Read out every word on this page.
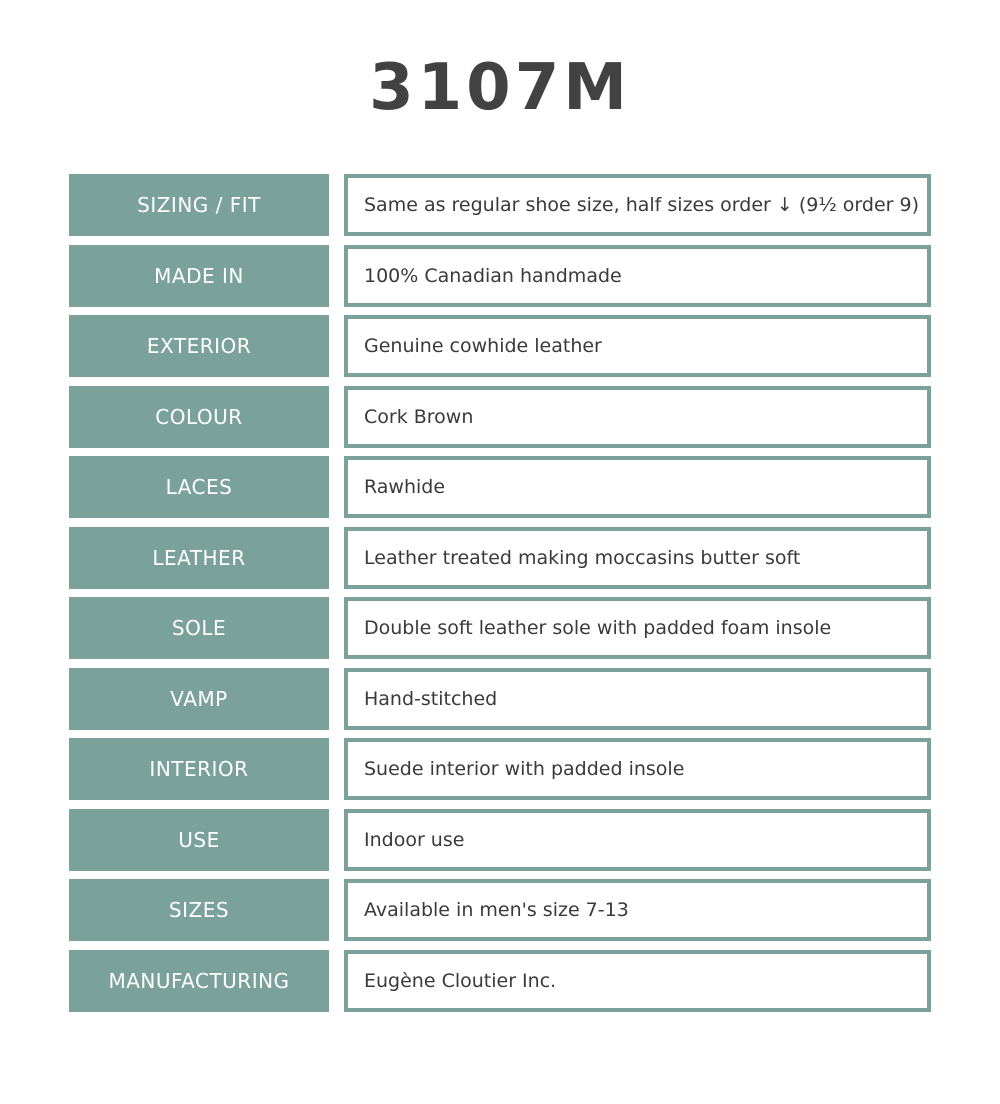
3107M
SIZING / FIT	Same as regular shoe size, half sizes order ↓ (9½ order 9)
MADE IN	100% Canadian handmade
EXTERIOR	Genuine cowhide leather
COLOUR	Cork Brown
LACES	Rawhide
LEATHER	Leather treated making moccasins butter soft
SOLE	Double soft leather sole with padded foam insole
VAMP	Hand-stitched
INTERIOR	Suede interior with padded insole
USE	Indoor use
SIZES	Available in men's size 7-13
MANUFACTURING	Eugène Cloutier Inc.
